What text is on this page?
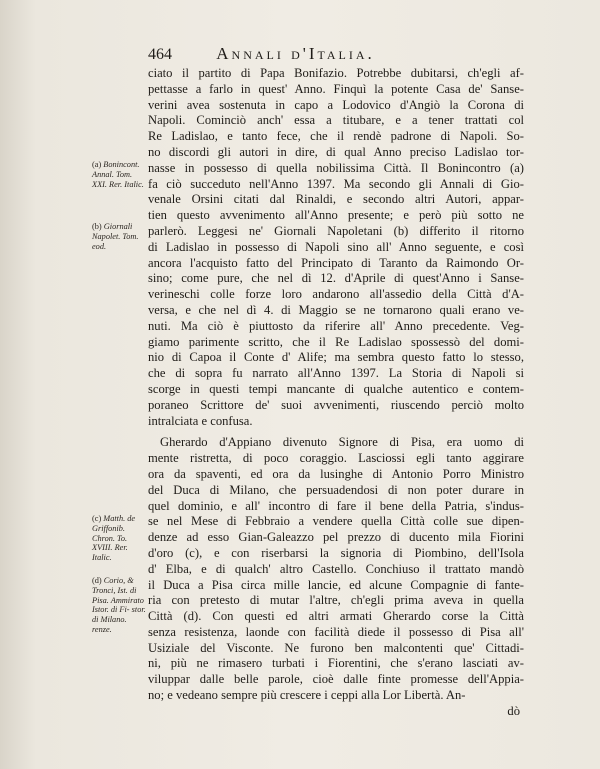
464	Annali d'Italia.
ciato il partito di Papa Bonifazio. Potrebbe dubitarsi, ch'egli af-
pettasse a farlo in quest' Anno. Finquì la potente Casa de' Sanse-
verini avea sostenuta in capo a Lodovico d'Angiò la Corona di
Napoli. Cominciò anch' essa a titubare, e a tener trattati col
Re Ladislao, e tanto fece, che il rendè padrone di Napoli. So-
no discordi gli autori in dire, di qual Anno preciso Ladislao tor-
nasse in possesso di quella nobilissima Città. Il Bonincontro (a)
fa ciò succeduto nell'Anno 1397. Ma secondo gli Annali di Gio-
venale Orsini citati dal Rinaldi, e secondo altri Autori, appar-
tien questo avvenimento all'Anno presente; e però più sotto ne
parlerò. Leggesi ne' Giornali Napoletani (b) differito il ritorno
di Ladislao in possesso di Napoli sino all' Anno seguente, e così
ancora l'acquisto fatto del Principato di Taranto da Raimondo Or-
sino; come pure, che nel dì 12. d'Aprile di quest'Anno i Sanse-
verineschi colle forze loro andarono all'assedio della Città d'A-
versa, e che nel dì 4. di Maggio se ne tornarono quali erano ve-
nuti. Ma ciò è piuttosto da riferire all' Anno precedente. Veg-
giamo parimente scritto, che il Re Ladislao spossessò del domi-
nio di Capoa il Conte d' Alife; ma sembra questo fatto lo stesso,
che di sopra fu narrato all'Anno 1397. La Storia di Napoli si
scorge in questi tempi mancante di qualche autentico e contem-
poraneo Scrittore de' suoi avvenimenti, riuscendo perciò molto
intralciata e confusa.
Gherardo d'Appiano divenuto Signore di Pisa, era uomo di
mente ristretta, di poco coraggio. Lasciossi egli tanto aggirare
ora da spaventi, ed ora da lusinghe di Antonio Porro Ministro
del Duca di Milano, che persuadendosi di non poter durare in
quel dominio, e all' incontro di fare il bene della Patria, s'indus-
se nel Mese di Febbraio a vendere quella Città colle sue dipen-
denze ad esso Gian-Galeazzo pel prezzo di ducento mila Fiorini
d'oro (c), e con riserbarsi la signoria di Piombino, dell'Isola
d' Elba, e di qualch' altro Castello. Conchiuso il trattato mandò
il Duca a Pisa circa mille lancie, ed alcune Compagnie di fante-
ria con pretesto di mutar l'altre, ch'egli prima aveva in quella
Città (d). Con questi ed altri armati Gherardo corse la Città
senza resistenza, laonde con facilità diede il possesso di Pisa all'
Usiziale del Visconte. Ne furono ben malcontenti que' Cittadi-
ni, più ne rimasero turbati i Fiorentini, che s'erano lasciati av-
viluppar dalle belle parole, cioè dalle finte promesse dell'Appia-
no; e vedeano sempre più crescere i ceppi alla Lor Libertà. An-
dò
(a) Bonincont. Annal. Tom. XXI. Rer. Italic.
(b) Giornali Napolet. Tom. eod.
(c) Matth. de Griffonib. Chron. To. XVIII. Rer. Italic.
(d) Corio, & Tronci, Ist. di Pisa. Ammirato Istor. di Fi- stor. di Milano. renze.
